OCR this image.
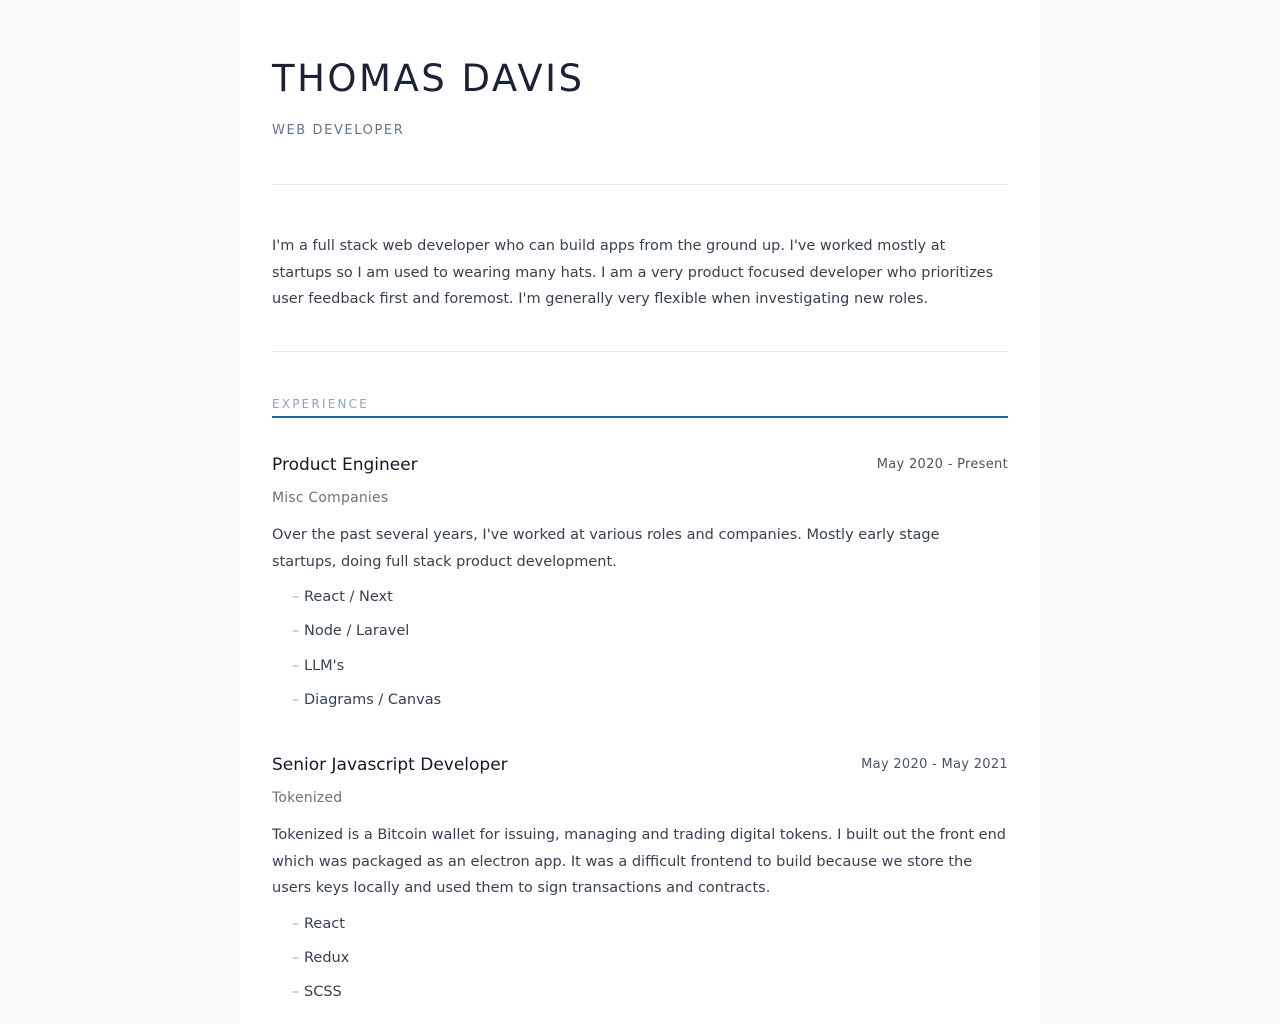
THOMAS DAVIS
WEB DEVELOPER

I'm a full stack web developer who can build apps from the ground up. I've worked mostly at startups so I am used to wearing many hats. I am a very product focused developer who prioritizes user feedback first and foremost. I'm generally very flexible when investigating new roles.

EXPERIENCE
Product Engineer	May 2020 - Present
Misc Companies

Over the past several years, I've worked at various roles and companies. Mostly early stage startups, doing full stack product development.

– React / Next
– Node / Laravel
– LLM's
– Diagrams / Canvas
Senior Javascript Developer	May 2020 - May 2021
Tokenized

Tokenized is a Bitcoin wallet for issuing, managing and trading digital tokens. I built out the front end which was packaged as an electron app. It was a difficult frontend to build because we store the users keys locally and used them to sign transactions and contracts.

– React
– Redux
– SCSS
